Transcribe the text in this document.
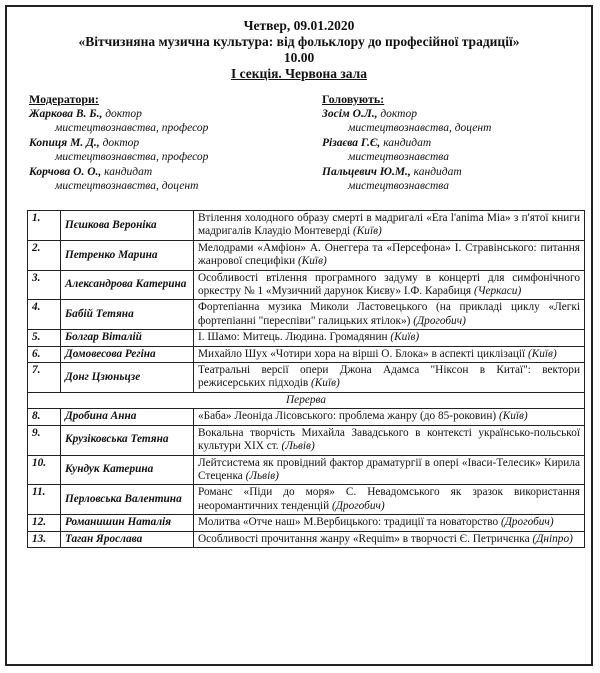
Четвер, 09.01.2020
«Вітчизняна музична культура: від фольклору до професійної традиції»
10.00
І секція. Червона зала
Модератори:
Жаркова В. Б., доктор
мистецтвознавства, професор
Копиця М. Д., доктор
мистецтвознавства, професор
Корчова О. О., кандидат
мистецтвознавства, доцент
Головують:
Зосім О.Л., доктор
мистецтвознавства, доцент
Різаєва Г.Є, кандидат
мистецтвознавства
Пальцевич Ю.М., кандидат
мистецтвознавства
1.	Пєшкова Вероніка	Втілення холодного образу смерті в мадригалі «Era l'anima Mia» з п'ятої книги мадригалів Клаудіо Монтеверді (Київ)
2.	Петренко Марина	Мелодрами «Амфіон» А. Онеггера та «Персефона» І. Стравінського: питання жанрової специфіки (Київ)
3.	Александрова Катерина	Особливості втілення програмного задуму в концерті для симфонічного оркестру № 1 «Музичний дарунок Києву» І.Ф. Карабиця (Черкаси)
4.	Бабій Тетяна	Фортепіанна музика Миколи Ластовецького (на прикладі циклу «Легкі фортепіанні "переспіви" галицьких ятілок») (Дрогобич)
5.	Болгар Віталій	І. Шамо: Митець. Людина. Громадянин (Київ)
6.	Домовесова Регіна	Михайло Шух «Чотири хора на вірші О. Блока» в аспекті циклізації (Київ)
7.	Донг Цзюньцзе	Театральні версії опери Джона Адамса "Ніксон в Китаї": вектори режисерських підходів (Київ)
Перерва		
8.	Дробина Анна	«Баба» Леоніда Лісовського: проблема жанру (до 85-роковин) (Київ)
9.	Крузіковська Тетяна	Вокальна творчість Михайла Завадського в контексті українсько-польської культури XIX ст. (Львів)
10.	Кундук Катерина	Лейтсистема як провідний фактор драматургії в опері «Іваси-Телесик» Кирила Стеценка (Львів)
11.	Перловська Валентина	Романс «Піди до моря» С. Невадомського як зразок використання неоромантичних тенденцій (Дрогобич)
12.	Романишин Наталія	Молитва «Отче наш» М.Вербицького: традиції та новаторство (Дрогобич)
13.	Таган Ярослава	Особливості прочитання жанру «Requim» в творчості Є. Петричєнка (Дніпро)
